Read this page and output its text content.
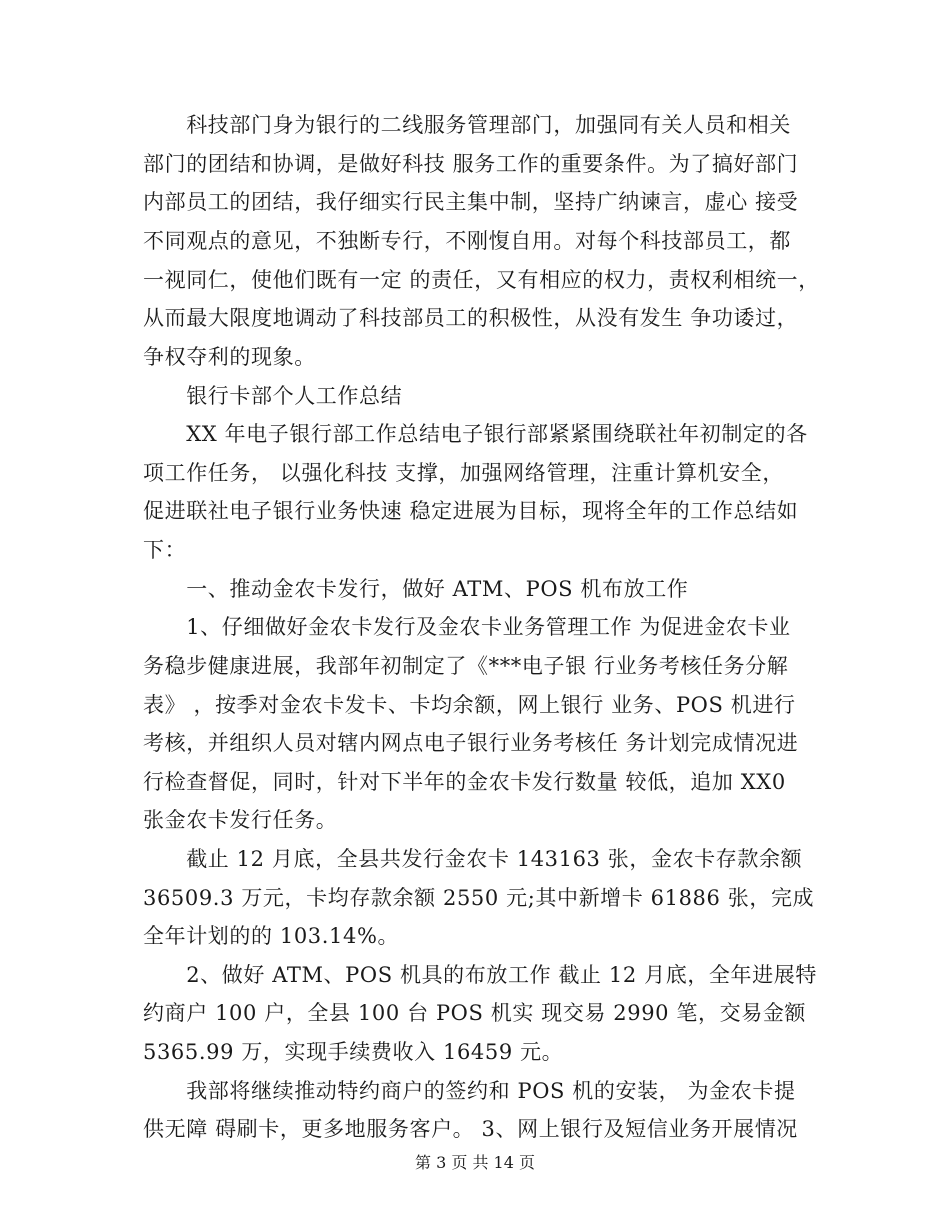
　　科技部门身为银行的二线服务管理部门，加强同有关人员和相关
部门的团结和协调，是做好科技 服务工作的重要条件。为了搞好部门
内部员工的团结，我仔细实行民主集中制，坚持广纳谏言，虚心 接受
不同观点的意见，不独断专行，不刚愎自用。对每个科技部员工，都
一视同仁，使他们既有一定 的责任，又有相应的权力，责权利相统一，
从而最大限度地调动了科技部员工的积极性，从没有发生 争功诿过，
争权夺利的现象。
　　银行卡部个人工作总结
　　XX 年电子银行部工作总结电子银行部紧紧围绕联社年初制定的各
项工作任务， 以强化科技 支撑，加强网络管理，注重计算机安全，
促进联社电子银行业务快速 稳定进展为目标，现将全年的工作总结如
下：
　　一、推动金农卡发行，做好 ATM、POS 机布放工作
　　1、仔细做好金农卡发行及金农卡业务管理工作 为促进金农卡业
务稳步健康进展，我部年初制定了《***电子银 行业务考核任务分解
表》 ，按季对金农卡发卡、卡均余额，网上银行 业务、POS 机进行
考核，并组织人员对辖内网点电子银行业务考核任 务计划完成情况进
行检查督促，同时，针对下半年的金农卡发行数量 较低，追加 XX0
张金农卡发行任务。
　　截止 12 月底，全县共发行金农卡 143163 张，金农卡存款余额
36509.3 万元，卡均存款余额 2550 元;其中新增卡 61886 张，完成
全年计划的的 103.14%。
　　2、做好 ATM、POS 机具的布放工作 截止 12 月底，全年进展特
约商户 100 户，全县 100 台 POS 机实 现交易 2990 笔，交易金额
5365.99 万，实现手续费收入 16459 元。
　　我部将继续推动特约商户的签约和 POS 机的安装， 为金农卡提
供无障 碍刷卡，更多地服务客户。 3、网上银行及短信业务开展情况
第 3 页 共 14 页
